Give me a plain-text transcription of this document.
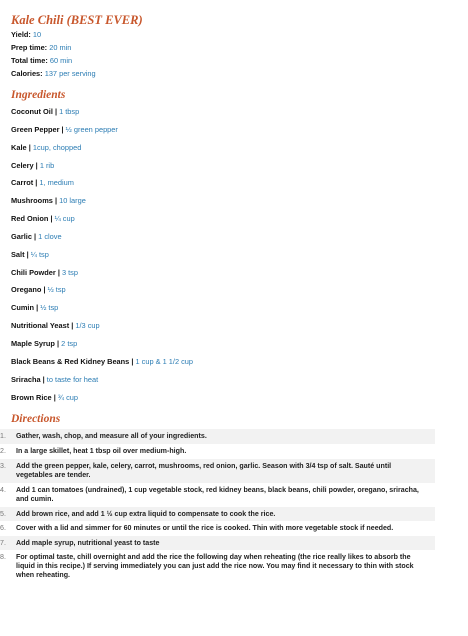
Kale Chili (BEST EVER)
Yield: 10
Prep time: 20 min
Total time: 60 min
Calories: 137 per serving
Ingredients
Coconut Oil | 1 tbsp
Green Pepper | ½ green pepper
Kale | 1cup, chopped
Celery | 1 rib
Carrot | 1, medium
Mushrooms | 10 large
Red Onion | ¼ cup
Garlic | 1 clove
Salt | ¼ tsp
Chili Powder | 3 tsp
Oregano | ½ tsp
Cumin | ½ tsp
Nutritional Yeast | 1/3 cup
Maple Syrup | 2 tsp
Black Beans & Red Kidney Beans | 1 cup & 1 1/2 cup
Sriracha | to taste for heat
Brown Rice | ¾ cup
Directions
1. Gather, wash, chop, and measure all of your ingredients.
2. In a large skillet, heat 1 tbsp oil over medium-high.
3. Add the green pepper, kale, celery, carrot, mushrooms, red onion, garlic. Season with 3/4 tsp of salt. Sauté until vegetables are tender.
4. Add 1 can tomatoes (undrained), 1 cup vegetable stock, red kidney beans, black beans, chili powder, oregano, sriracha, and cumin.
5. Add brown rice, and add 1 ½ cup extra liquid to compensate to cook the rice.
6. Cover with a lid and simmer for 60 minutes or until the rice is cooked. Thin with more vegetable stock if needed.
7. Add maple syrup, nutritional yeast to taste
8. For optimal taste, chill overnight and add the rice the following day when reheating (the rice really likes to absorb the liquid in this recipe.) If serving immediately you can just add the rice now. You may find it necessary to thin with stock when reheating.
